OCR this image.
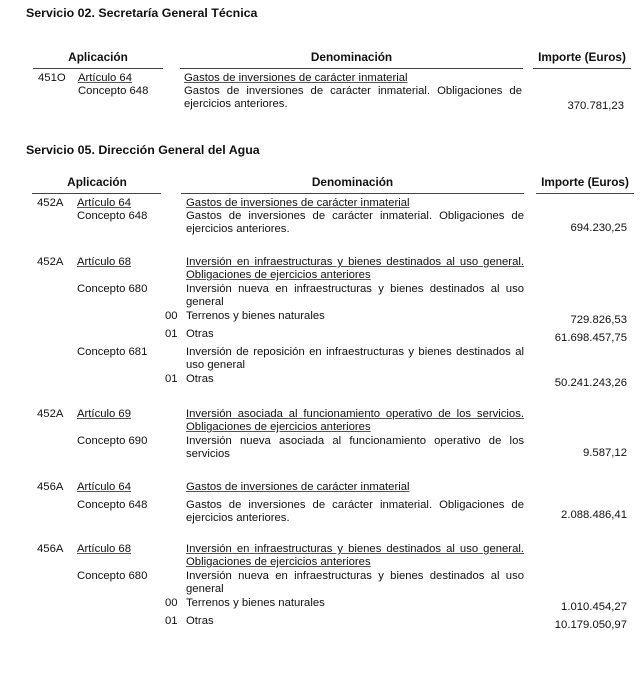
Servicio 02. Secretaría General Técnica
Aplicación	Denominación	Importe (Euros)
451O Artículo 64	Gastos de inversiones de carácter inmaterial
Concepto 648	Gastos de inversiones de carácter inmaterial. Obligaciones de ejercicios anteriores.	370.781,23
Servicio 05. Dirección General del Agua
Aplicación	Denominación	Importe (Euros)
452A Artículo 64	Gastos de inversiones de carácter inmaterial
Concepto 648	Gastos de inversiones de carácter inmaterial. Obligaciones de ejercicios anteriores.	694.230,25
452A Artículo 68	Inversión en infraestructuras y bienes destinados al uso general. Obligaciones de ejercicios anteriores
Concepto 680	Inversión nueva en infraestructuras y bienes destinados al uso general
00 Terrenos y bienes naturales	729.826,53
01 Otras	61.698.457,75
Concepto 681	Inversión de reposición en infraestructuras y bienes destinados al uso general
01 Otras	50.241.243,26
452A Artículo 69	Inversión asociada al funcionamiento operativo de los servicios. Obligaciones de ejercicios anteriores
Concepto 690	Inversión nueva asociada al funcionamiento operativo de los servicios	9.587,12
456A Artículo 64	Gastos de inversiones de carácter inmaterial
Concepto 648	Gastos de inversiones de carácter inmaterial. Obligaciones de ejercicios anteriores.	2.088.486,41
456A Artículo 68	Inversión en infraestructuras y bienes destinados al uso general. Obligaciones de ejercicios anteriores
Concepto 680	Inversión nueva en infraestructuras y bienes destinados al uso general
00 Terrenos y bienes naturales	1.010.454,27
01 Otras	10.179.050,97
